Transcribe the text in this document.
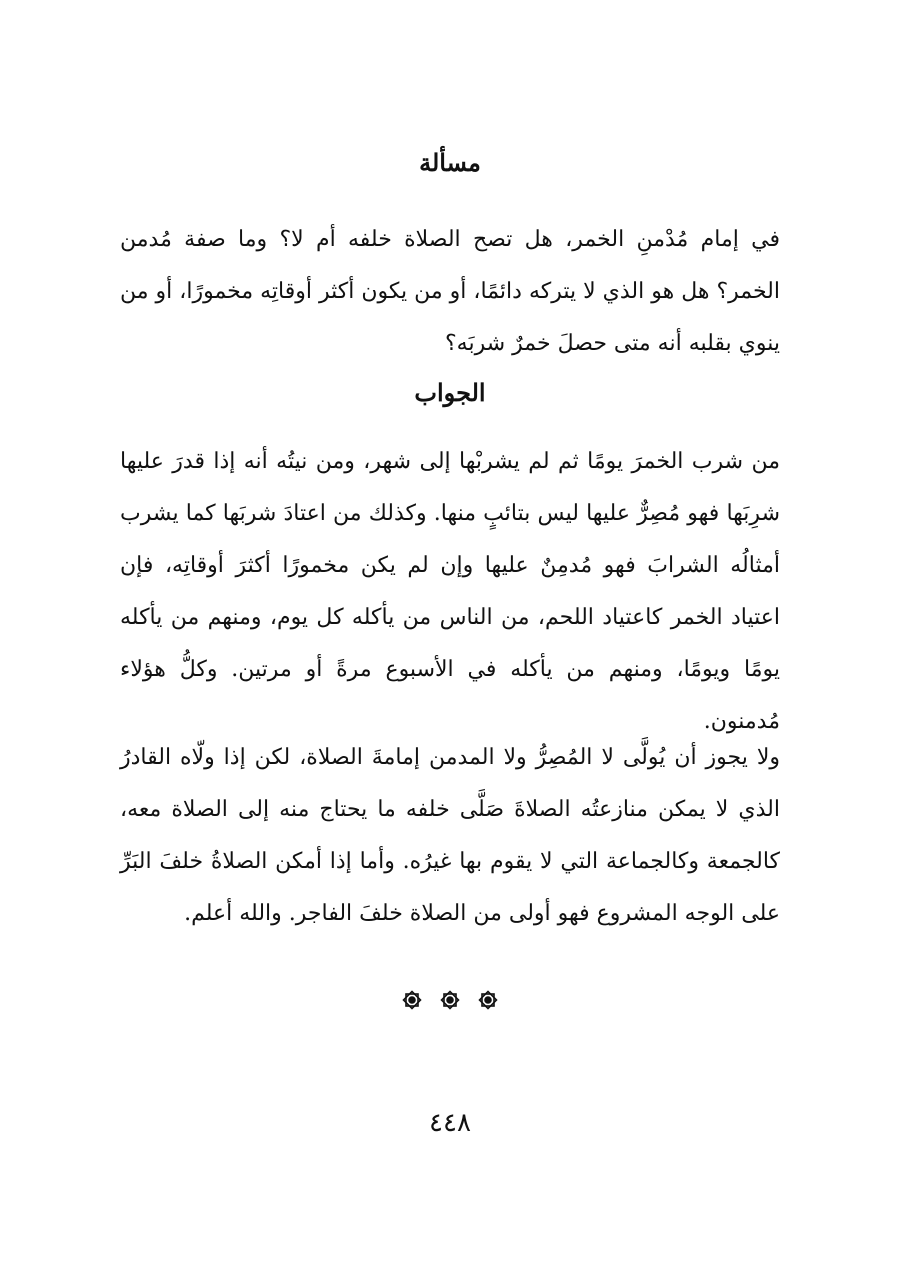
مسألة

في إمام مُدْمنِ الخمر، هل تصح الصلاة خلفه أم لا؟ وما صفة مُدمن الخمر؟ هل هو الذي لا يتركه دائمًا، أو من يكون أكثر أوقاتِه مخمورًا، أو من ينوي بقلبه أنه متى حصلَ خمرٌ شربَه؟

الجواب

من شرب الخمرَ يومًا ثم لم يشربْها إلى شهر، ومن نيتُه أنه إذا قدرَ عليها شرِبَها فهو مُصِرٌّ عليها ليس بتائبٍ منها. وكذلك من اعتادَ شربَها كما يشرب أمثالُه الشرابَ فهو مُدمِنٌ عليها وإن لم يكن مخمورًا أكثرَ أوقاتِه، فإن اعتياد الخمر كاعتياد اللحم، من الناس من يأكله كل يوم، ومنهم من يأكله يومًا ويومًا، ومنهم من يأكله في الأسبوع مرةً أو مرتين. وكلُّ هؤلاء مُدمنون.

ولا يجوز أن يُولَّى لا المُصِرُّ ولا المدمن إمامةَ الصلاة، لكن إذا ولّاه القادرُ الذي لا يمكن منازعتُه الصلاةَ صَلَّى خلفه ما يحتاج منه إلى الصلاة معه، كالجمعة وكالجماعة التي لا يقوم بها غيرُه. وأما إذا أمكن الصلاةُ خلفَ البَرِّ على الوجه المشروع فهو أولى من الصلاة خلفَ الفاجر. والله أعلم.

٤٤٨
